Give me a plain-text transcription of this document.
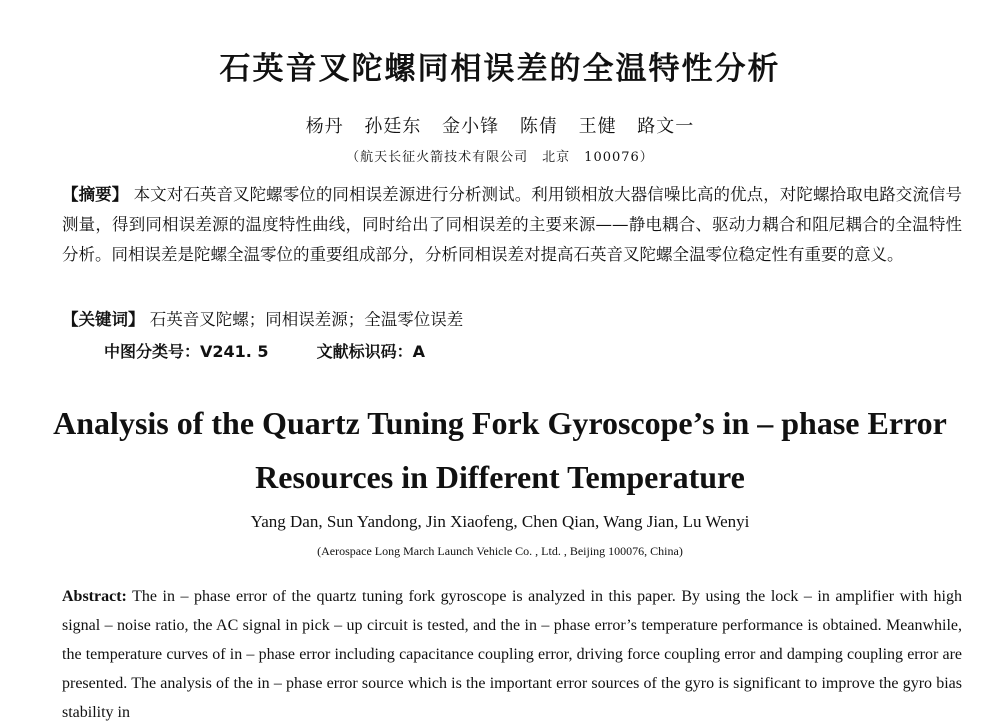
石英音叉陀螺同相误差的全温特性分析
杨丹 孙廷东 金小锋 陈倩 王健 路文一
（航天长征火箭技术有限公司　北京　100076）

【摘要】 本文对石英音叉陀螺零位的同相误差源进行分析测试。利用锁相放大器信噪比高的优点，对陀螺拾取电路交流信号测量，得到同相误差源的温度特性曲线，同时给出了同相误差的主要来源——静电耦合、驱动力耦合和阻尼耦合的全温特性分析。同相误差是陀螺全温零位的重要组成部分，分析同相误差对提高石英音叉陀螺全温零位稳定性有重要的意义。

【关键词】 石英音叉陀螺；同相误差源；全温零位误差

中图分类号：V241. 5	文献标识码：A
Analysis of the Quartz Tuning Fork Gyroscope’s in – phase Error Resources in Different Temperature
Yang Dan, Sun Yandong, Jin Xiaofeng, Chen Qian, Wang Jian, Lu Wenyi
(Aerospace Long March Launch Vehicle Co. , Ltd. , Beijing 100076, China)

Abstract: The in – phase error of the quartz tuning fork gyroscope is analyzed in this paper. By using the lock – in amplifier with high signal – noise ratio, the AC signal in pick – up circuit is tested, and the in – phase error’s temperature performance is obtained. Meanwhile, the temperature curves of in – phase error including capacitance coupling error, driving force coupling error and damping coupling error are presented. The analysis of the in – phase error source which is the important error sources of the gyro is significant to improve the gyro bias stability in
